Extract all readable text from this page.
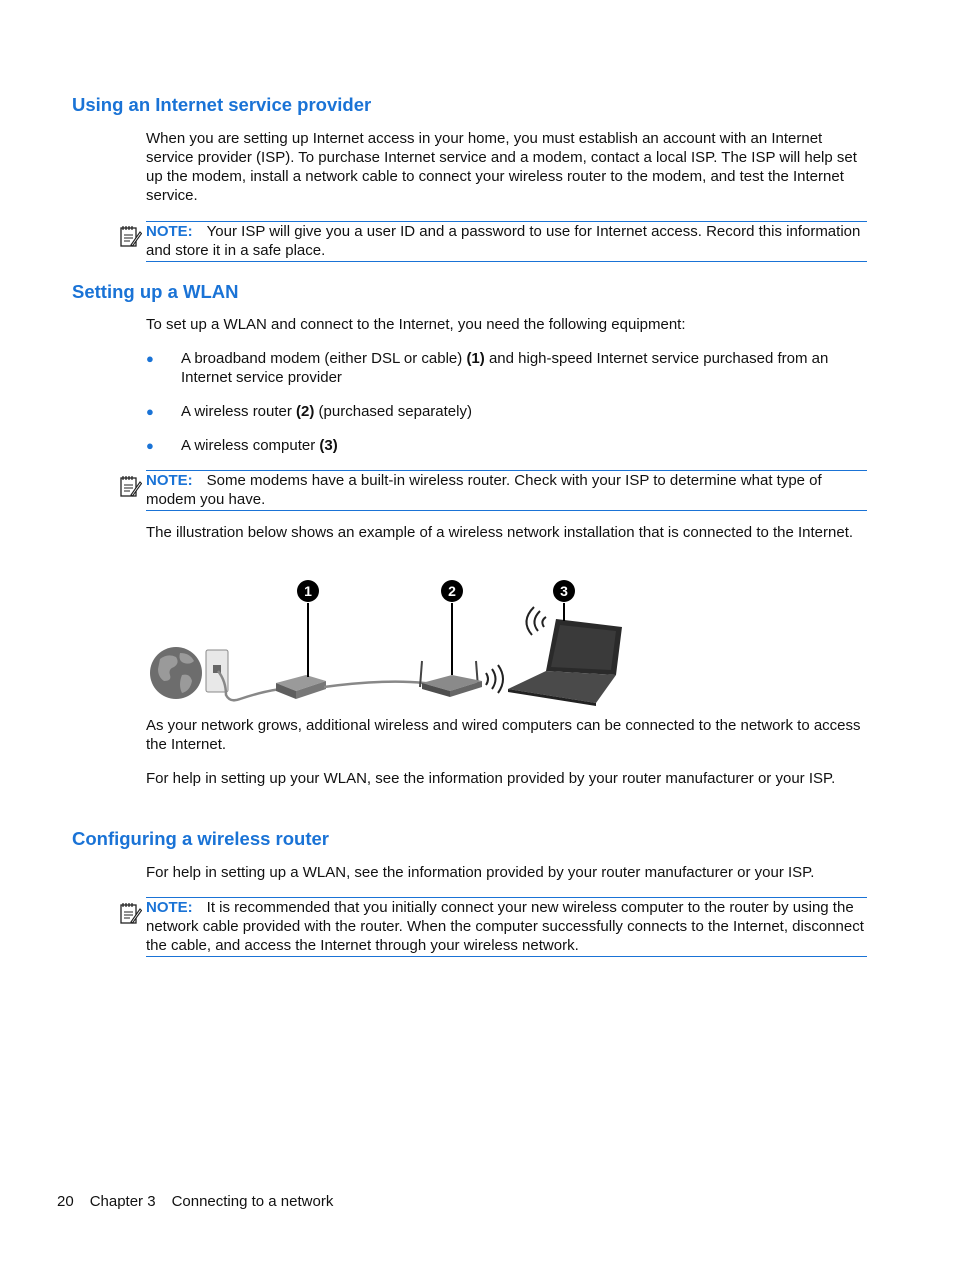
Using an Internet service provider

When you are setting up Internet access in your home, you must establish an account with an Internet service provider (ISP). To purchase Internet service and a modem, contact a local ISP. The ISP will help set up the modem, install a network cable to connect your wireless router to the modem, and test the Internet service.

NOTE: Your ISP will give you a user ID and a password to use for Internet access. Record this information and store it in a safe place.
Setting up a WLAN

To set up a WLAN and connect to the Internet, you need the following equipment:

● A broadband modem (either DSL or cable) (1) and high-speed Internet service purchased from an Internet service provider

● A wireless router (2) (purchased separately)

● A wireless computer (3)

NOTE: Some modems have a built-in wireless router. Check with your ISP to determine what type of modem you have.

The illustration below shows an example of a wireless network installation that is connected to the Internet.

1	2	3

As your network grows, additional wireless and wired computers can be connected to the network to access the Internet.

For help in setting up your WLAN, see the information provided by your router manufacturer or your ISP.

Configuring a wireless router

For help in setting up a WLAN, see the information provided by your router manufacturer or your ISP.

NOTE: It is recommended that you initially connect your new wireless computer to the router by using the network cable provided with the router. When the computer successfully connects to the Internet, disconnect the cable, and access the Internet through your wireless network.
20 Chapter 3 Connecting to a network
